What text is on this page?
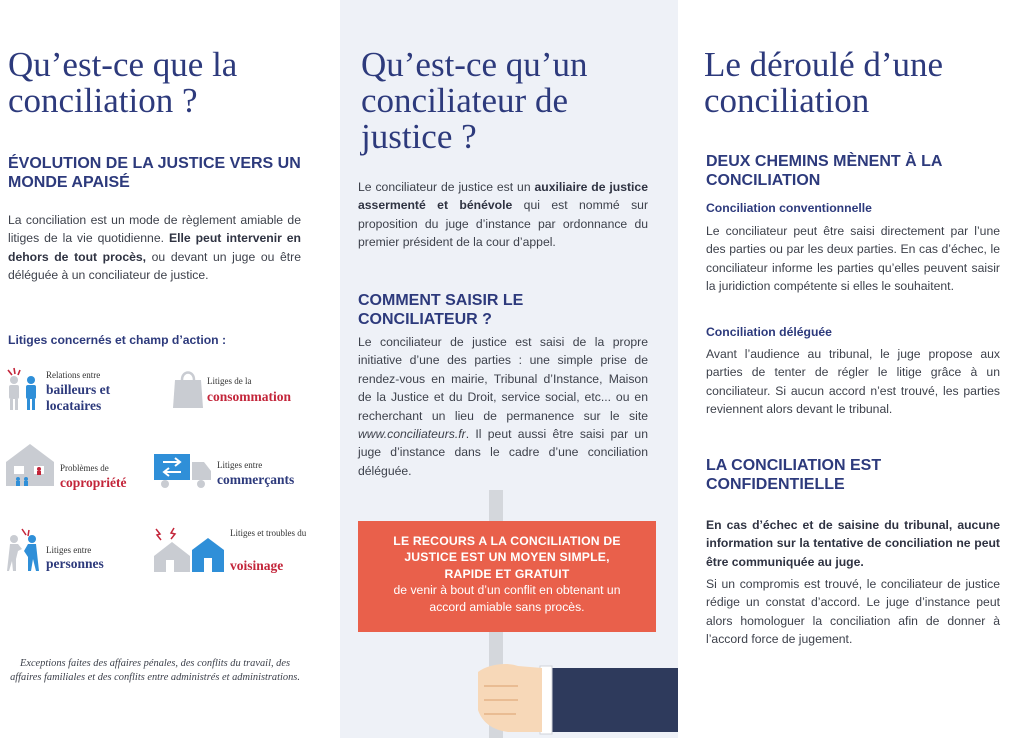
Qu’est-ce que la conciliation ?
ÉVOLUTION DE LA JUSTICE VERS UN MONDE APAISÉ

La conciliation est un mode de règlement amiable de litiges de la vie quotidienne. Elle peut intervenir en dehors de tout procès, ou devant un juge ou être déléguée à un conciliateur de justice.

Litiges concernés et champ d’action :

Relations entre
bailleurs et locataires
Litiges de la
consommation
Problèmes de
copropriété
Litiges entre
commerçants
Litiges entre
personnes
Litiges et troubles du
voisinage

Exceptions faites des affaires pénales, des conflits du travail, des affaires familiales et des conflits entre administrés et administrations.

Qu’est-ce qu’un conciliateur de justice ?

Le conciliateur de justice est un auxiliaire de justice assermenté et bénévole qui est nommé sur proposition du juge d’instance par ordonnance du premier président de la cour d’appel.

COMMENT SAISIR LE CONCILIATEUR ?

Le conciliateur de justice est saisi de la propre initiative d’une des parties : une simple prise de rendez-vous en mairie, Tribunal d’Instance, Maison de la Justice et du Droit, service social, etc... ou en recherchant un lieu de permanence sur le site www.conciliateurs.fr. Il peut aussi être saisi par un juge d’instance dans le cadre d’une conciliation déléguée.

LE RECOURS A LA CONCILIATION DE JUSTICE EST UN MOYEN SIMPLE, RAPIDE ET GRATUIT
de venir à bout d’un conflit en obtenant un accord amiable sans procès.
Le déroulé d’une conciliation
DEUX CHEMINS MÈNENT À LA CONCILIATION

Conciliation conventionnelle

Le conciliateur peut être saisi directement par l’une des parties ou par les deux parties. En cas d’échec, le conciliateur informe les parties qu’elles peuvent saisir la juridiction compétente si elles le souhaitent.

Conciliation déléguée

Avant l’audience au tribunal, le juge propose aux parties de tenter de régler le litige grâce à un conciliateur. Si aucun accord n’est trouvé, les parties reviennent alors devant le tribunal.

LA CONCILIATION EST CONFIDENTIELLE

En cas d’échec et de saisine du tribunal, aucune information sur la tentative de conciliation ne peut être communiquée au juge.

Si un compromis est trouvé, le conciliateur de justice rédige un constat d’accord. Le juge d’instance peut alors homologuer la conciliation afin de donner à l’accord force de jugement.
